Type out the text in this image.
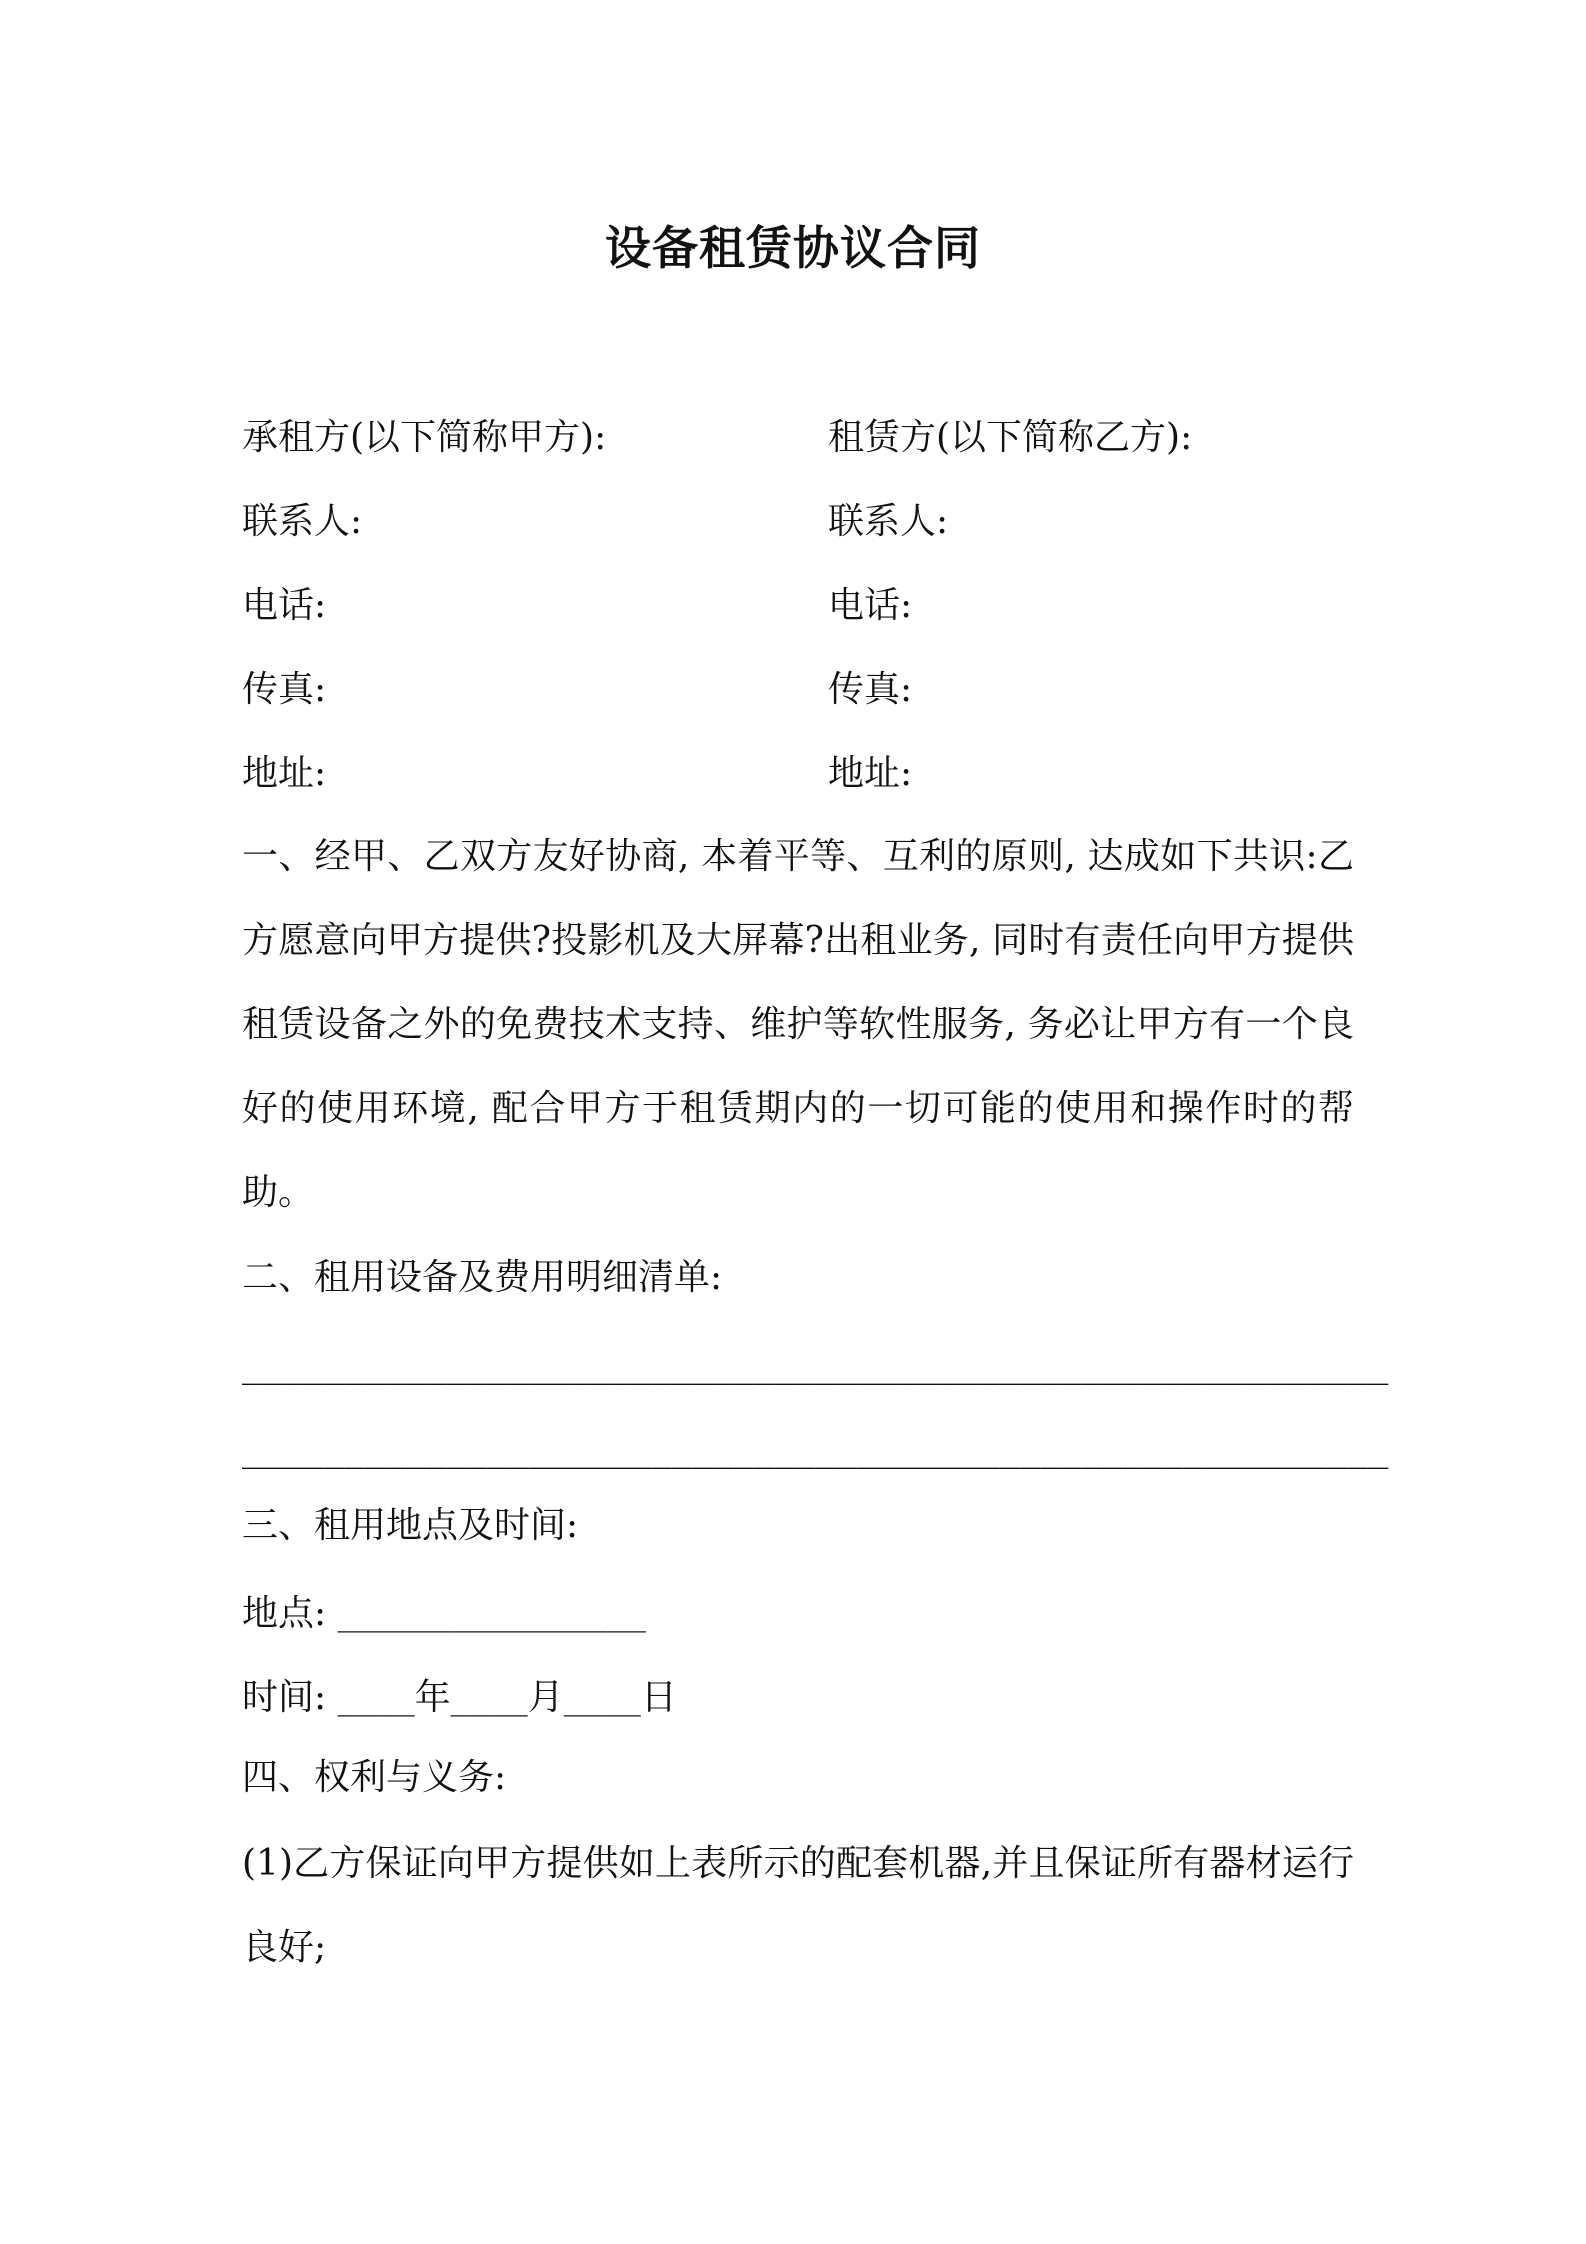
设备租赁协议合同
承租方(以下简称甲方):	租赁方(以下简称乙方):
联系人:	联系人:
电话:	电话:
传真:	传真:
地址:	地址:

一、经甲、乙双方友好协商, 本着平等、互利的原则, 达成如下共识:乙方愿意向甲方提供?投影机及大屏幕?出租业务, 同时有责任向甲方提供租赁设备之外的免费技术支持、维护等软性服务, 务必让甲方有一个良好的使用环境, 配合甲方于租赁期内的一切可能的使用和操作时的帮助。

二、租用设备及费用明细清单:
________________________________________________________
________________________________________________________
三、租用地点及时间:
地点: ________________
时间: ____年____月____日
四、权利与义务:

(1)乙方保证向甲方提供如上表所示的配套机器,并且保证所有器材运行良好;
